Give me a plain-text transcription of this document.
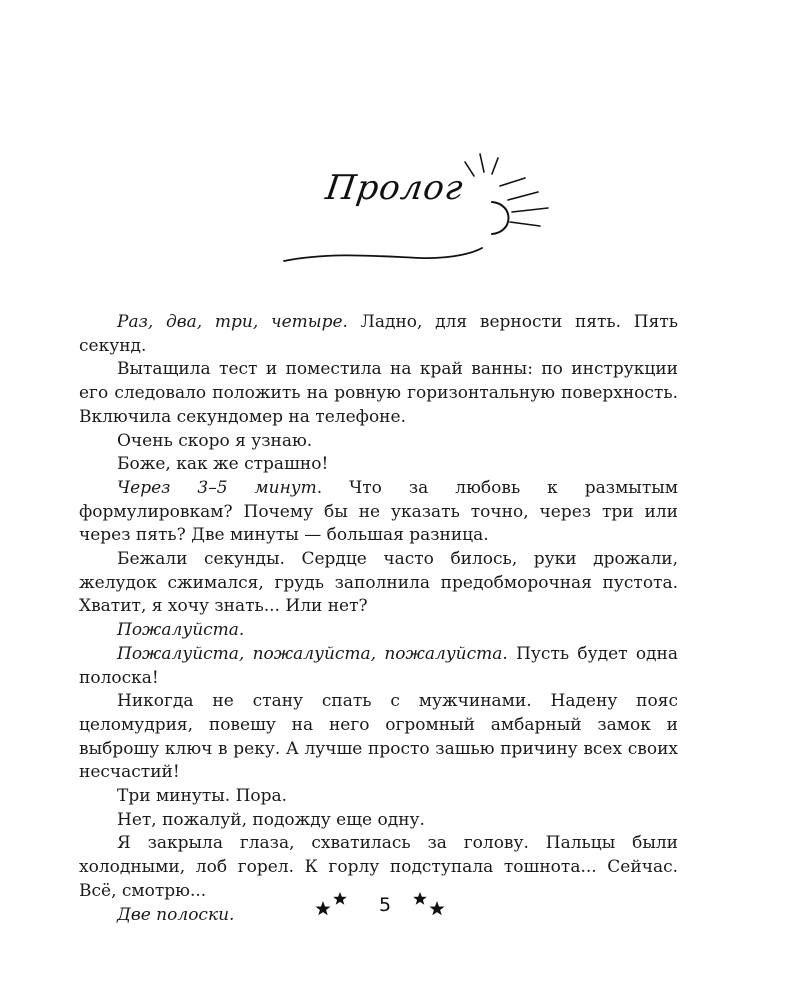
Пролог

Раз, два, три, четыре. Ладно, для верности пять. Пять секунд.

Вытащила тест и поместила на край ванны: по инструкции его следовало положить на ровную горизонтальную поверхность. Включила секундомер на телефоне.

Очень скоро я узнаю.

Боже, как же страшно!

Через 3–5 минут. Что за любовь к размытым формулировкам? Почему бы не указать точно, через три или через пять? Две минуты — большая разница.

Бежали секунды. Сердце часто билось, руки дрожали, желудок сжимался, грудь заполнила предобморочная пустота. Хватит, я хочу знать... Или нет?

Пожалуйста.

Пожалуйста, пожалуйста, пожалуйста. Пусть будет одна полоска!

Никогда не стану спать с мужчинами. Надену пояс целомудрия, повешу на него огромный амбарный замок и выброшу ключ в реку. А лучше просто зашью причину всех своих несчастий!

Три минуты. Пора.

Нет, пожалуй, подожду еще одну.

Я закрыла глаза, схватилась за голову. Пальцы были холодными, лоб горел. К горлу подступала тошнота... Сейчас. Всё, смотрю...

Две полоски.	5
